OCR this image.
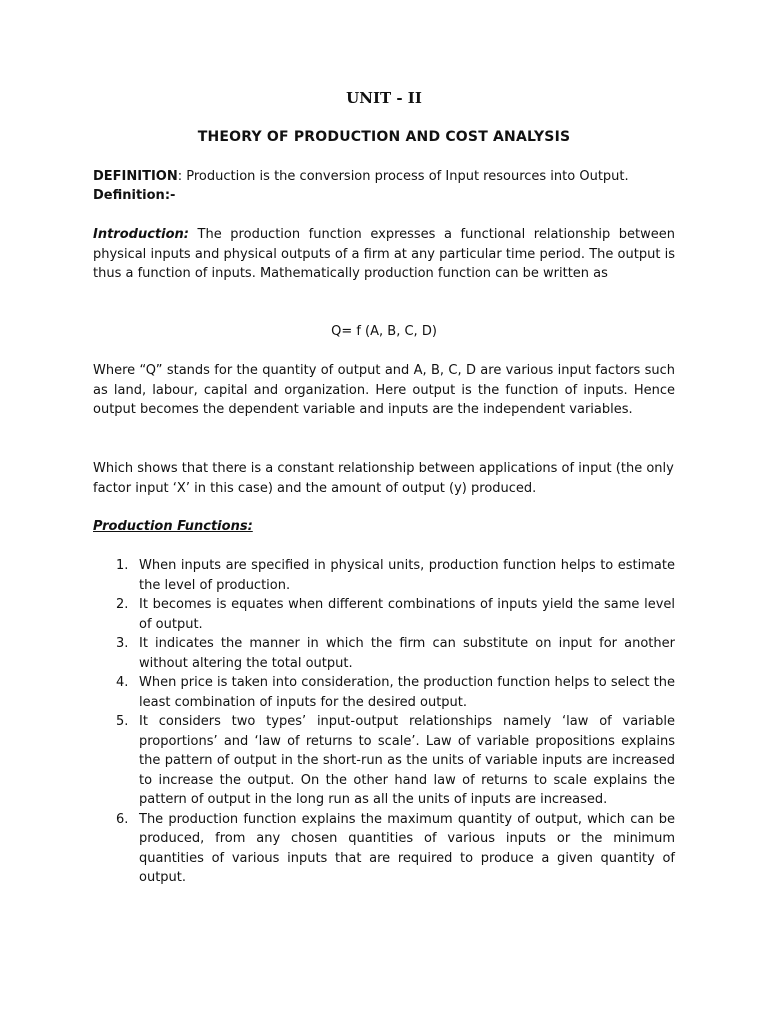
UNIT - II
THEORY OF PRODUCTION AND COST ANALYSIS
DEFINITION: Production is the conversion process of Input resources into Output.
Definition:-
Introduction: The production function expresses a functional relationship between physical inputs and physical outputs of a firm at any particular time period. The output is thus a function of inputs. Mathematically production function can be written as
Q= f (A, B, C, D)
Where “Q” stands for the quantity of output and A, B, C, D are various input factors such as land, labour, capital and organization. Here output is the function of inputs. Hence output becomes the dependent variable and inputs are the independent variables.
Which shows that there is a constant relationship between applications of input (the only factor input ‘X’ in this case) and the amount of output (y) produced.
Production Functions:
1. When inputs are specified in physical units, production function helps to estimate the level of production.
2. It becomes is equates when different combinations of inputs yield the same level of output.
3. It indicates the manner in which the firm can substitute on input for another without altering the total output.
4. When price is taken into consideration, the production function helps to select the least combination of inputs for the desired output.
5. It considers two types’ input-output relationships namely ‘law of variable proportions’ and ‘law of returns to scale’. Law of variable propositions explains the pattern of output in the short-run as the units of variable inputs are increased to increase the output. On the other hand law of returns to scale explains the pattern of output in the long run as all the units of inputs are increased.
6. The production function explains the maximum quantity of output, which can be produced, from any chosen quantities of various inputs or the minimum quantities of various inputs that are required to produce a given quantity of output.
